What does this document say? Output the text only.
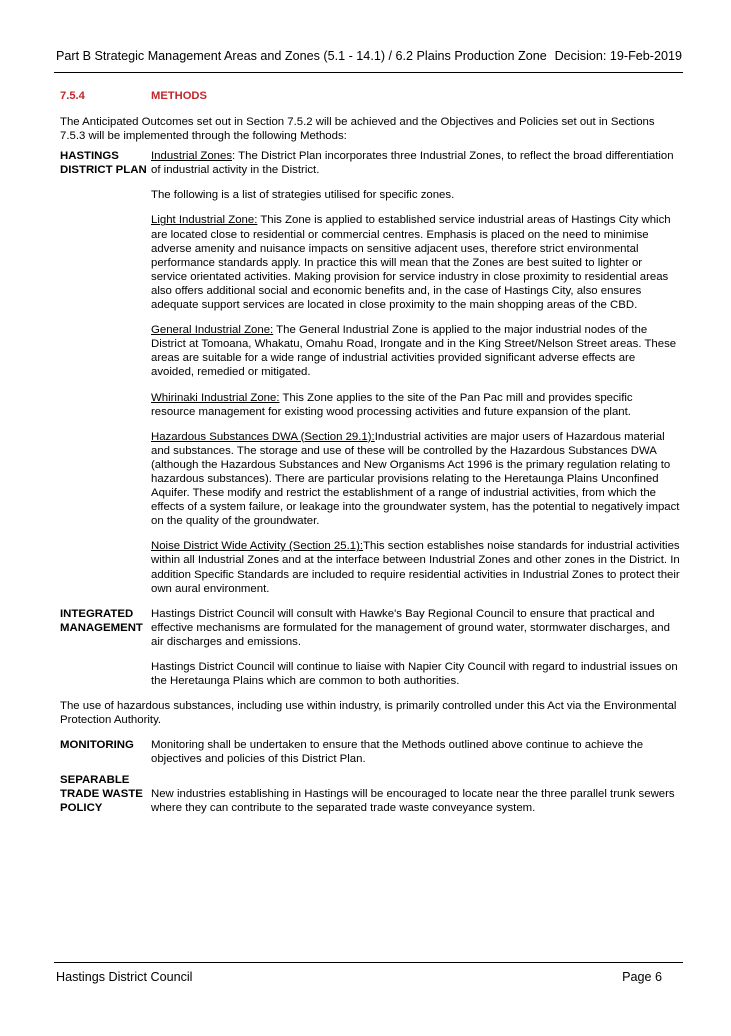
Part B Strategic Management Areas and Zones (5.1 - 14.1) / 6.2 Plains Production Zone Decision: 19-Feb-2019
7.5.4	METHODS

The Anticipated Outcomes set out in Section 7.5.2 will be achieved and the Objectives and Policies set out in Sections 7.5.3 will be implemented through the following Methods:

HASTINGS DISTRICT PLAN

Industrial Zones: The District Plan incorporates three Industrial Zones, to reflect the broad differentiation of industrial activity in the District.

The following is a list of strategies utilised for specific zones.

Light Industrial Zone: This Zone is applied to established service industrial areas of Hastings City which are located close to residential or commercial centres. Emphasis is placed on the need to minimise adverse amenity and nuisance impacts on sensitive adjacent uses, therefore strict environmental performance standards apply. In practice this will mean that the Zones are best suited to lighter or service orientated activities. Making provision for service industry in close proximity to residential areas also offers additional social and economic benefits and, in the case of Hastings City, also ensures adequate support services are located in close proximity to the main shopping areas of the CBD.

General Industrial Zone: The General Industrial Zone is applied to the major industrial nodes of the District at Tomoana, Whakatu, Omahu Road, Irongate and in the King Street/Nelson Street areas. These areas are suitable for a wide range of industrial activities provided significant adverse effects are avoided, remedied or mitigated.

Whirinaki Industrial Zone: This Zone applies to the site of the Pan Pac mill and provides specific resource management for existing wood processing activities and future expansion of the plant.

Hazardous Substances DWA (Section 29.1):Industrial activities are major users of Hazardous material and substances. The storage and use of these will be controlled by the Hazardous Substances DWA (although the Hazardous Substances and New Organisms Act 1996 is the primary regulation relating to hazardous substances). There are particular provisions relating to the Heretaunga Plains Unconfined Aquifer. These modify and restrict the establishment of a range of industrial activities, from which the effects of a system failure, or leakage into the groundwater system, has the potential to negatively impact on the quality of the groundwater.

Noise District Wide Activity (Section 25.1):This section establishes noise standards for industrial activities within all Industrial Zones and at the interface between Industrial Zones and other zones in the District. In addition Specific Standards are included to require residential activities in Industrial Zones to protect their own aural environment.

INTEGRATED MANAGEMENT

Hastings District Council will consult with Hawke's Bay Regional Council to ensure that practical and effective mechanisms are formulated for the management of ground water, stormwater discharges, and air discharges and emissions.

Hastings District Council will continue to liaise with Napier City Council with regard to industrial issues on the Heretaunga Plains which are common to both authorities.

The use of hazardous substances, including use within industry, is primarily controlled under this Act via the Environmental Protection Authority.

MONITORING	Monitoring shall be undertaken to ensure that the Methods outlined above continue to achieve the objectives and policies of this District Plan.

SEPARABLE TRADE WASTE POLICY

New industries establishing in Hastings will be encouraged to locate near the three parallel trunk sewers where they can contribute to the separated trade waste conveyance system.

Hastings District Council	Page 6
